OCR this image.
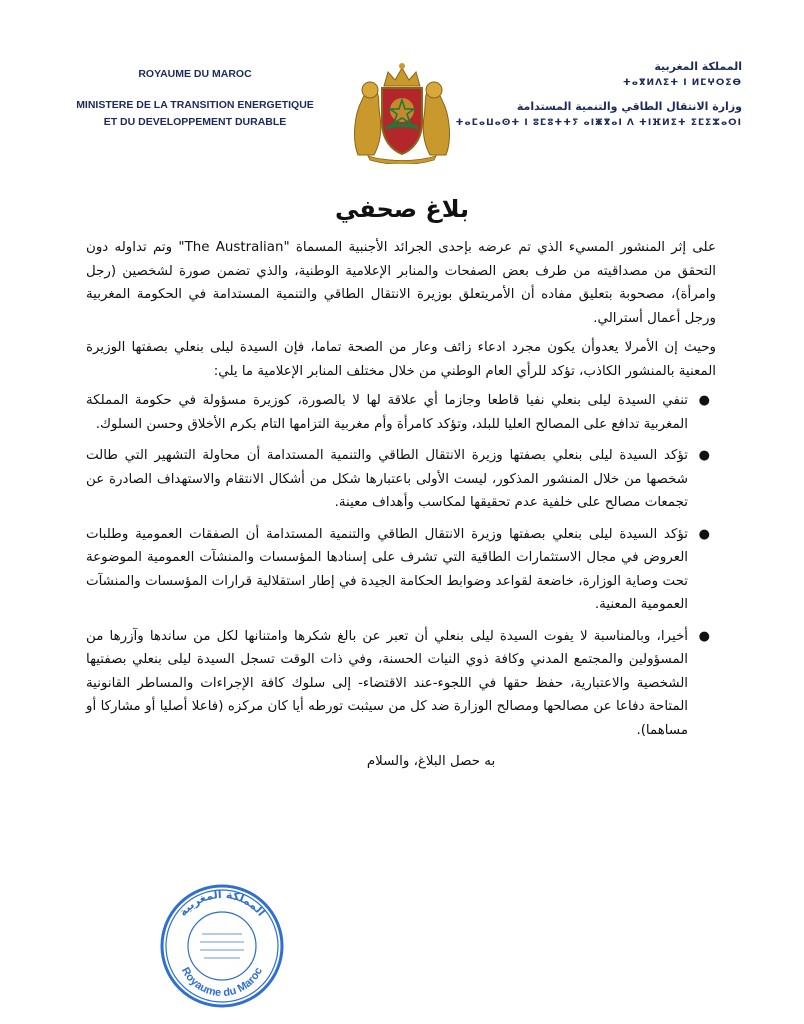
ROYAUME DU MAROC
MINISTERE DE LA TRANSITION ENERGETIQUE
ET DU DEVELOPPEMENT DURABLE
المملكة المغربية
ⵜⴰⴳⵍⴷⵉⵜ ⵏ ⵍⵎⵖⵔⵉⴱ
وزارة الانتقال الطاقي والتنمية المستدامة
ⵜⴰⵎⴰⵡⴰⵙⵜ ⵏ ⵓⵎⵓⵜⵜⵢ ⴰⵏⵥⴳⴰⵏ ⴷ ⵜⵏⴼⵍⵉⵜ ⵉⵎⵉⵣⴰⵔⵏ
بلاغ صحفي

على إثر المنشور المسيء الذي تم عرضه بإحدى الجرائد الأجنبية المسماة "The Australian" وتم تداوله دون التحقق من مصداقيته من طرف بعض الصفحات والمنابر الإعلامية الوطنية، والذي تضمن صورة لشخصين (رجل وامرأة)، مصحوبة بتعليق مفاده أن الأمريتعلق بوزيرة الانتقال الطاقي والتنمية المستدامة في الحكومة المغربية ورجل أعمال أسترالي.

وحيث إن الأمرلا يعدوأن يكون مجرد ادعاء زائف وعار من الصحة تماما، فإن السيدة ليلى بنعلي بصفتها الوزيرة المعنية بالمنشور الكاذب، تؤكد للرأي العام الوطني من خلال مختلف المنابر الإعلامية ما يلي:

●
تنفي السيدة ليلى بنعلي نفيا قاطعا وجازما أي علاقة لها لا بالصورة، كوزيرة مسؤولة في حكومة المملكة المغربية تدافع على المصالح العليا للبلد، وتؤكد كامرأة وأم مغربية التزامها التام بكرم الأخلاق وحسن السلوك.
●
تؤكد السيدة ليلى بنعلي بصفتها وزيرة الانتقال الطاقي والتنمية المستدامة أن محاولة التشهير التي طالت شخصها من خلال المنشور المذكور، ليست الأولى باعتبارها شكل من أشكال الانتقام والاستهداف الصادرة عن تجمعات مصالح على خلفية عدم تحقيقها لمكاسب وأهداف معينة.
●
تؤكد السيدة ليلى بنعلي بصفتها وزيرة الانتقال الطاقي والتنمية المستدامة أن الصفقات العمومية وطلبات العروض في مجال الاستثمارات الطاقية التي تشرف على إسنادها المؤسسات والمنشآت العمومية الموضوعة تحت وصاية الوزارة، خاضعة لقواعد وضوابط الحكامة الجيدة في إطار استقلالية قرارات المؤسسات والمنشآت العمومية المعنية.
●
أخيرا، وبالمناسبة لا يفوت السيدة ليلى بنعلي أن تعبر عن بالغ شكرها وامتنانها لكل من ساندها وآزرها من المسؤولين والمجتمع المدني وكافة ذوي النيات الحسنة، وفي ذات الوقت تسجل السيدة ليلى بنعلي بصفتيها الشخصية والاعتبارية، حفظ حقها في اللجوء-عند الاقتضاء- إلى سلوك كافة الإجراءات والمساطر القانونية المتاحة دفاعا عن مصالحها ومصالح الوزارة ضد كل من سيثبت تورطه أيا كان مركزه (فاعلا أصليا أو مشاركا أو مساهما).
به حصل البلاغ، والسلام
المملكة المغربية
Royaume du Maroc
